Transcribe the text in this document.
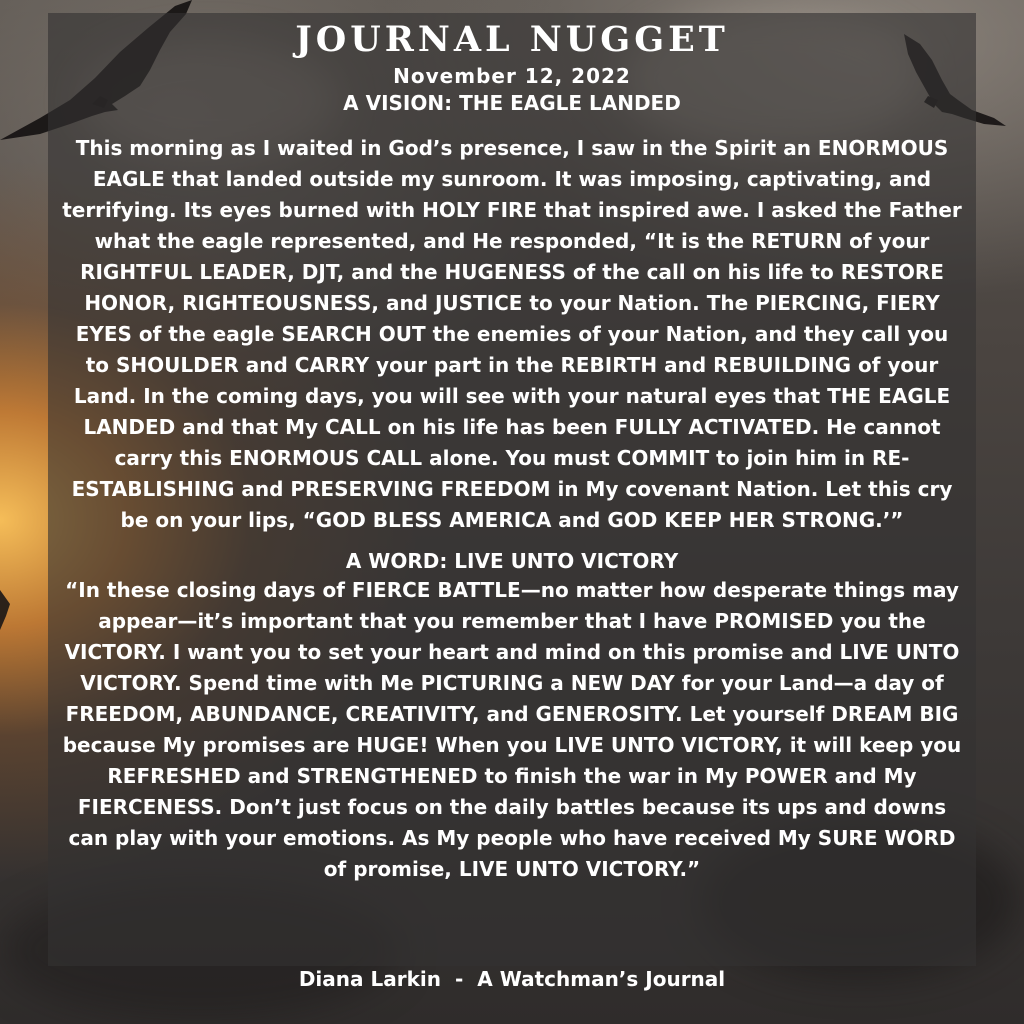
JOURNAL NUGGET
November 12, 2022
A VISION: THE EAGLE LANDED

This morning as I waited in God’s presence, I saw in the Spirit an ENORMOUS EAGLE that landed outside my sunroom. It was imposing, captivating, and terrifying. Its eyes burned with HOLY FIRE that inspired awe. I asked the Father what the eagle represented, and He responded, “It is the RETURN of your RIGHTFUL LEADER, DJT, and the HUGENESS of the call on his life to RESTORE HONOR, RIGHTEOUSNESS, and JUSTICE to your Nation. The PIERCING, FIERY EYES of the eagle SEARCH OUT the enemies of your Nation, and they call you to SHOULDER and CARRY your part in the REBIRTH and REBUILDING of your Land. In the coming days, you will see with your natural eyes that THE EAGLE LANDED and that My CALL on his life has been FULLY ACTIVATED. He cannot carry this ENORMOUS CALL alone. You must COMMIT to join him in RE-ESTABLISHING and PRESERVING FREEDOM in My covenant Nation. Let this cry be on your lips, “GOD BLESS AMERICA and GOD KEEP HER STRONG.’”

A WORD: LIVE UNTO VICTORY

“In these closing days of FIERCE BATTLE—no matter how desperate things may appear—it’s important that you remember that I have PROMISED you the VICTORY. I want you to set your heart and mind on this promise and LIVE UNTO VICTORY. Spend time with Me PICTURING a NEW DAY for your Land—a day of FREEDOM, ABUNDANCE, CREATIVITY, and GENEROSITY. Let yourself DREAM BIG because My promises are HUGE! When you LIVE UNTO VICTORY, it will keep you REFRESHED and STRENGTHENED to finish the war in My POWER and My FIERCENESS. Don’t just focus on the daily battles because its ups and downs can play with your emotions. As My people who have received My SURE WORD of promise, LIVE UNTO VICTORY.”

Diana Larkin - A Watchman’s Journal
